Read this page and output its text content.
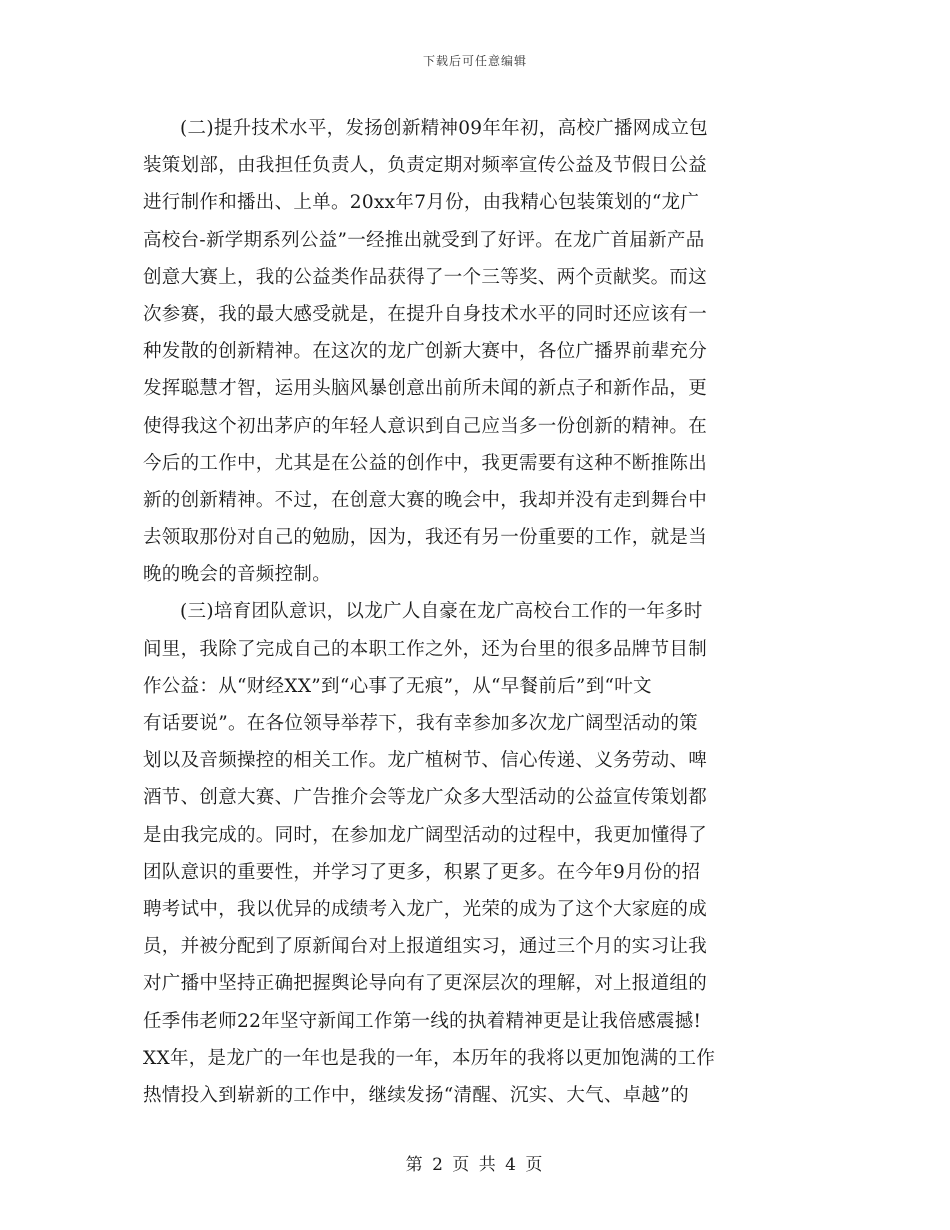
下载后可任意编辑
(二)提升技术水平，发扬创新精神09年年初，高校广播网成立包
装策划部，由我担任负责人，负责定期对频率宣传公益及节假日公益
进行制作和播出、上单。20xx年7月份，由我精心包装策划的“龙广
高校台-新学期系列公益”一经推出就受到了好评。在龙广首届新产品
创意大赛上，我的公益类作品获得了一个三等奖、两个贡献奖。而这
次参赛，我的最大感受就是，在提升自身技术水平的同时还应该有一
种发散的创新精神。在这次的龙广创新大赛中，各位广播界前辈充分
发挥聪慧才智，运用头脑风暴创意出前所未闻的新点子和新作品，更
使得我这个初出茅庐的年轻人意识到自己应当多一份创新的精神。在
今后的工作中，尤其是在公益的创作中，我更需要有这种不断推陈出
新的创新精神。不过，在创意大赛的晚会中，我却并没有走到舞台中
去领取那份对自己的勉励，因为，我还有另一份重要的工作，就是当
晚的晚会的音频控制。
(三)培育团队意识，以龙广人自豪在龙广高校台工作的一年多时
间里，我除了完成自己的本职工作之外，还为台里的很多品牌节目制
作公益：从“财经XX”到“心事了无痕”，从“早餐前后”到“叶文
有话要说”。在各位领导举荐下，我有幸参加多次龙广阔型活动的策
划以及音频操控的相关工作。龙广植树节、信心传递、义务劳动、啤
酒节、创意大赛、广告推介会等龙广众多大型活动的公益宣传策划都
是由我完成的。同时，在参加龙广阔型活动的过程中，我更加懂得了
团队意识的重要性，并学习了更多，积累了更多。在今年9月份的招
聘考试中，我以优异的成绩考入龙广，光荣的成为了这个大家庭的成
员，并被分配到了原新闻台对上报道组实习，通过三个月的实习让我
对广播中坚持正确把握舆论导向有了更深层次的理解，对上报道组的
任季伟老师22年坚守新闻工作第一线的执着精神更是让我倍感震撼!
XX年，是龙广的一年也是我的一年，本历年的我将以更加饱满的工作
热情投入到崭新的工作中，继续发扬“清醒、沉实、大气、卓越”的
第 2 页 共 4 页
